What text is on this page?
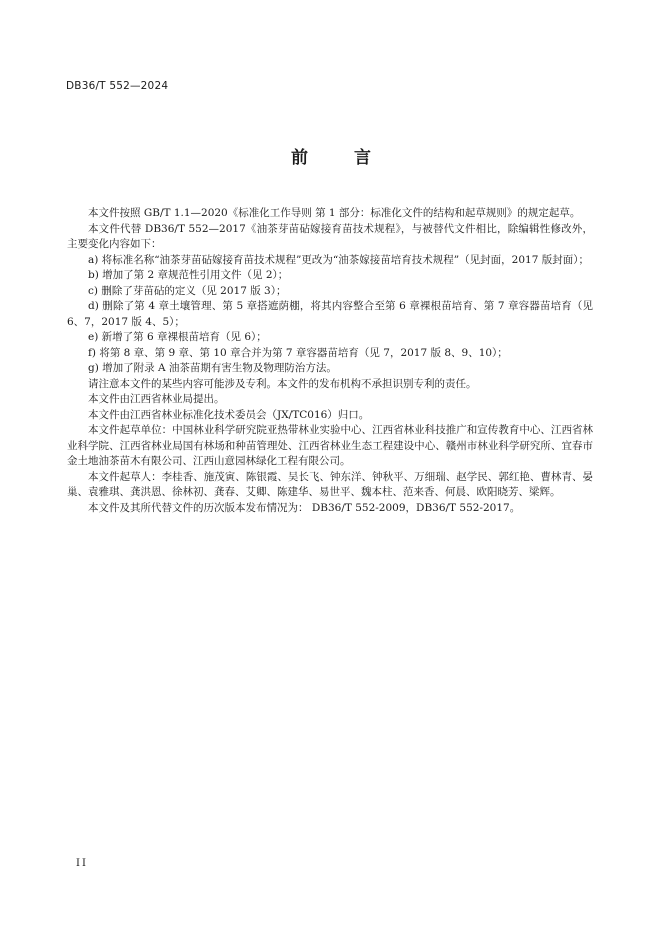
DB36/T 552—2024
前 言

本文件按照 GB/T 1.1—2020《标准化工作导则 第 1 部分：标准化文件的结构和起草规则》的规定起草。

本文件代替 DB36/T 552—2017《油茶芽苗砧嫁接育苗技术规程》，与被替代文件相比，除编辑性修改外，主要变化内容如下：

a) 将标准名称“油茶芽苗砧嫁接育苗技术规程”更改为“油茶嫁接苗培育技术规程”（见封面，2017 版封面）；

b) 增加了第 2 章规范性引用文件（见 2）；

c) 删除了芽苗砧的定义（见 2017 版 3）；

d) 删除了第 4 章土壤管理、第 5 章搭遮荫棚，将其内容整合至第 6 章裸根苗培育、第 7 章容器苗培育（见 6、7，2017 版 4、5）；

e) 新增了第 6 章裸根苗培育（见 6）；

f) 将第 8 章、第 9 章、第 10 章合并为第 7 章容器苗培育（见 7，2017 版 8、9、10）；

g) 增加了附录 A 油茶苗期有害生物及物理防治方法。

请注意本文件的某些内容可能涉及专利。本文件的发布机构不承担识别专利的责任。

本文件由江西省林业局提出。

本文件由江西省林业标准化技术委员会（JX/TC016）归口。

本文件起草单位：中国林业科学研究院亚热带林业实验中心、江西省林业科技推广和宣传教育中心、江西省林业科学院、江西省林业局国有林场和种苗管理处、江西省林业生态工程建设中心、赣州市林业科学研究所、宜春市金土地油茶苗木有限公司、江西山意园林绿化工程有限公司。

本文件起草人：李桂香、施茂寅、陈银霞、吴长飞、钟东洋、钟秋平、万细瑞、赵学民、郭红艳、曹林青、晏巢、袁雅琪、龚洪恩、徐林初、龚春、艾卿、陈建华、易世平、魏本柱、范来香、何晨、欧阳晓芳、梁辉。

本文件及其所代替文件的历次版本发布情况为： DB36/T 552-2009，DB36/T 552-2017。

II
